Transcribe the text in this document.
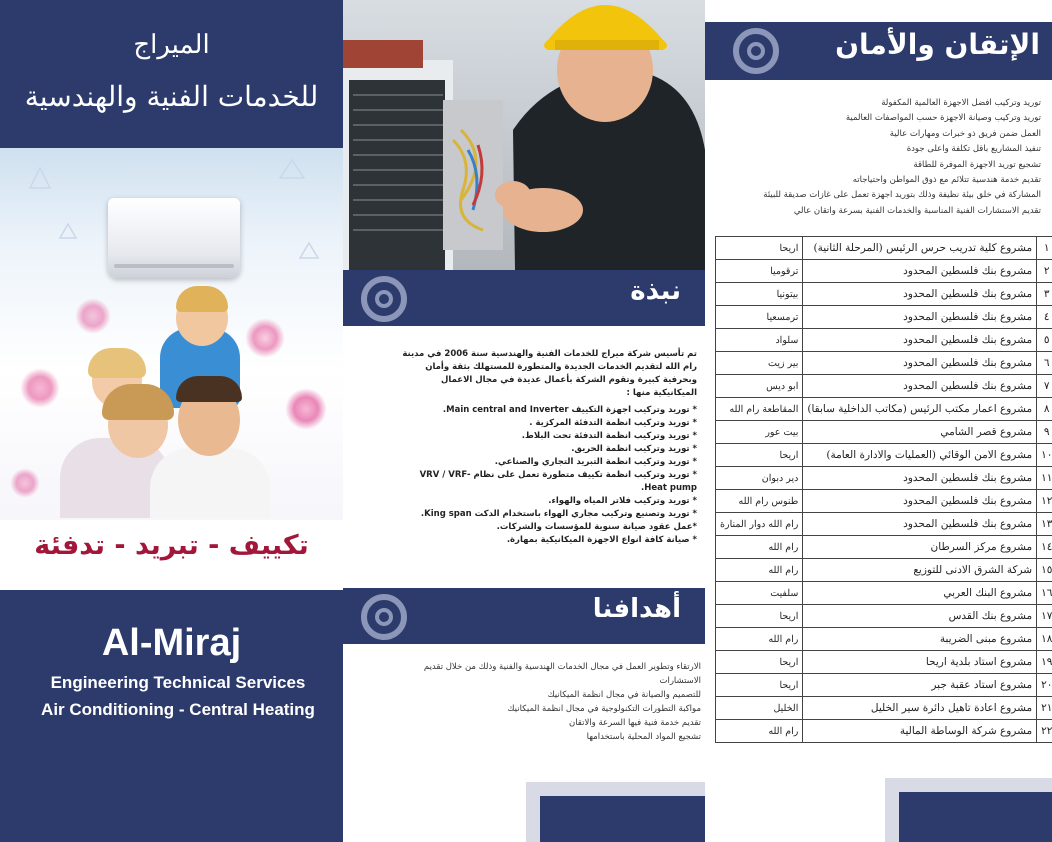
الميراج
للخدمات الفنية والهندسية
تكييف - تبريد - تدفئة
Al-Miraj
Engineering Technical Services
Air Conditioning - Central Heating
نبذة
تم تأسيس شركة ميراج للخدمات الفنية والهندسية سنة 2006 في مدينة رام الله لتقديم الخدمات الجديدة والمتطورة للمستهلك بثقة وأمان وبحرفية كبيرة وتقوم الشركة بأعمال عديدة في مجال الاعمال الميكانيكية منها :
* توريد وتركيب اجهزة التكييف Main central and Inverter.
* توريد وتركيب انظمة التدفئة المركزية .
* توريد وتركيب انظمة التدفئة تحت البلاط.
* توريد وتركيب انظمة الحريق.
* توريد وتركيب انظمة التبريد التجاري والصناعي.
* توريد وتركيب انظمة تكييف متطورة تعمل على نظام VRV / VRF-Heat pump.
* توريد وتركيب فلاتر المياه والهواء.
* توريد وتصنيع وتركيب مجاري الهواء باستخدام الدكت King span.
*عمل عقود صيانة سنوية للمؤسسات والشركات.
* صيانة كافة انواع الاجهزة الميكانيكية بمهارة.
أهدافنا
الارتقاء وتطوير العمل في مجال الخدمات الهندسية والفنية وذلك من خلال تقديم الاستشارات
للتصميم والصيانة في مجال انظمة الميكانيك
مواكبة التطورات التكنولوجية في مجال انظمة الميكانيك
تقديم خدمة فنية فيها السرعة والاتقان
تشجيع المواد المحلية باستخدامها
الإتقان والأمان
توريد وتركيب افضل الاجهزة العالمية المكفولة
توريد وتركيب وصيانة الاجهزة حسب المواصفات العالمية
العمل ضمن فريق ذو خبرات ومهارات عالية
تنفيذ المشاريع باقل تكلفة واعلى جودة
تشجيع توريد الاجهزة الموفرة للطاقة
تقديم خدمة هندسية تتلائم مع ذوق المواطن واحتياجاته
المشاركة في خلق بيئة نظيفة وذلك بتوريد اجهزة تعمل على غازات صديقة للبيئة
تقديم الاستشارات الفنية المناسبة والخدمات الفنية بسرعة واتقان عالي
١	مشروع كلية تدريب حرس الرئيس (المرحلة الثانية)	اريحا
٢	مشروع بنك فلسطين المحدود	ترقوميا
٣	مشروع بنك فلسطين المحدود	بيتونيا
٤	مشروع بنك فلسطين المحدود	ترمسعيا
٥	مشروع بنك فلسطين المحدود	سلواد
٦	مشروع بنك فلسطين المحدود	بير زيت
٧	مشروع بنك فلسطين المحدود	ابو ديس
٨	مشروع اعمار مكتب الرئيس (مكاتب الداخلية سابقا)	المقاطعة رام الله
٩	مشروع قصر الشامي	بيت عور
١٠	مشروع الامن الوقائي (العمليات والادارة العامة)	اريحا
١١	مشروع بنك فلسطين المحدود	دير دبوان
١٢	مشروع بنك فلسطين المحدود	طنوس رام الله
١٣	مشروع بنك فلسطين المحدود	رام الله دوار المنارة
١٤	مشروع مركز السرطان	رام الله
١٥	شركة الشرق الادنى للتوزيع	رام الله
١٦	مشروع البنك العربي	سلفيت
١٧	مشروع بنك القدس	اريحا
١٨	مشروع مبنى الضريبة	رام الله
١٩	مشروع استاد بلدية اريحا	اريحا
٢٠	مشروع استاد عقبة جبر	اريحا
٢١	مشروع اعادة تاهيل دائرة سير الخليل	الخليل
٢٢	مشروع شركة الوساطة المالية	رام الله
